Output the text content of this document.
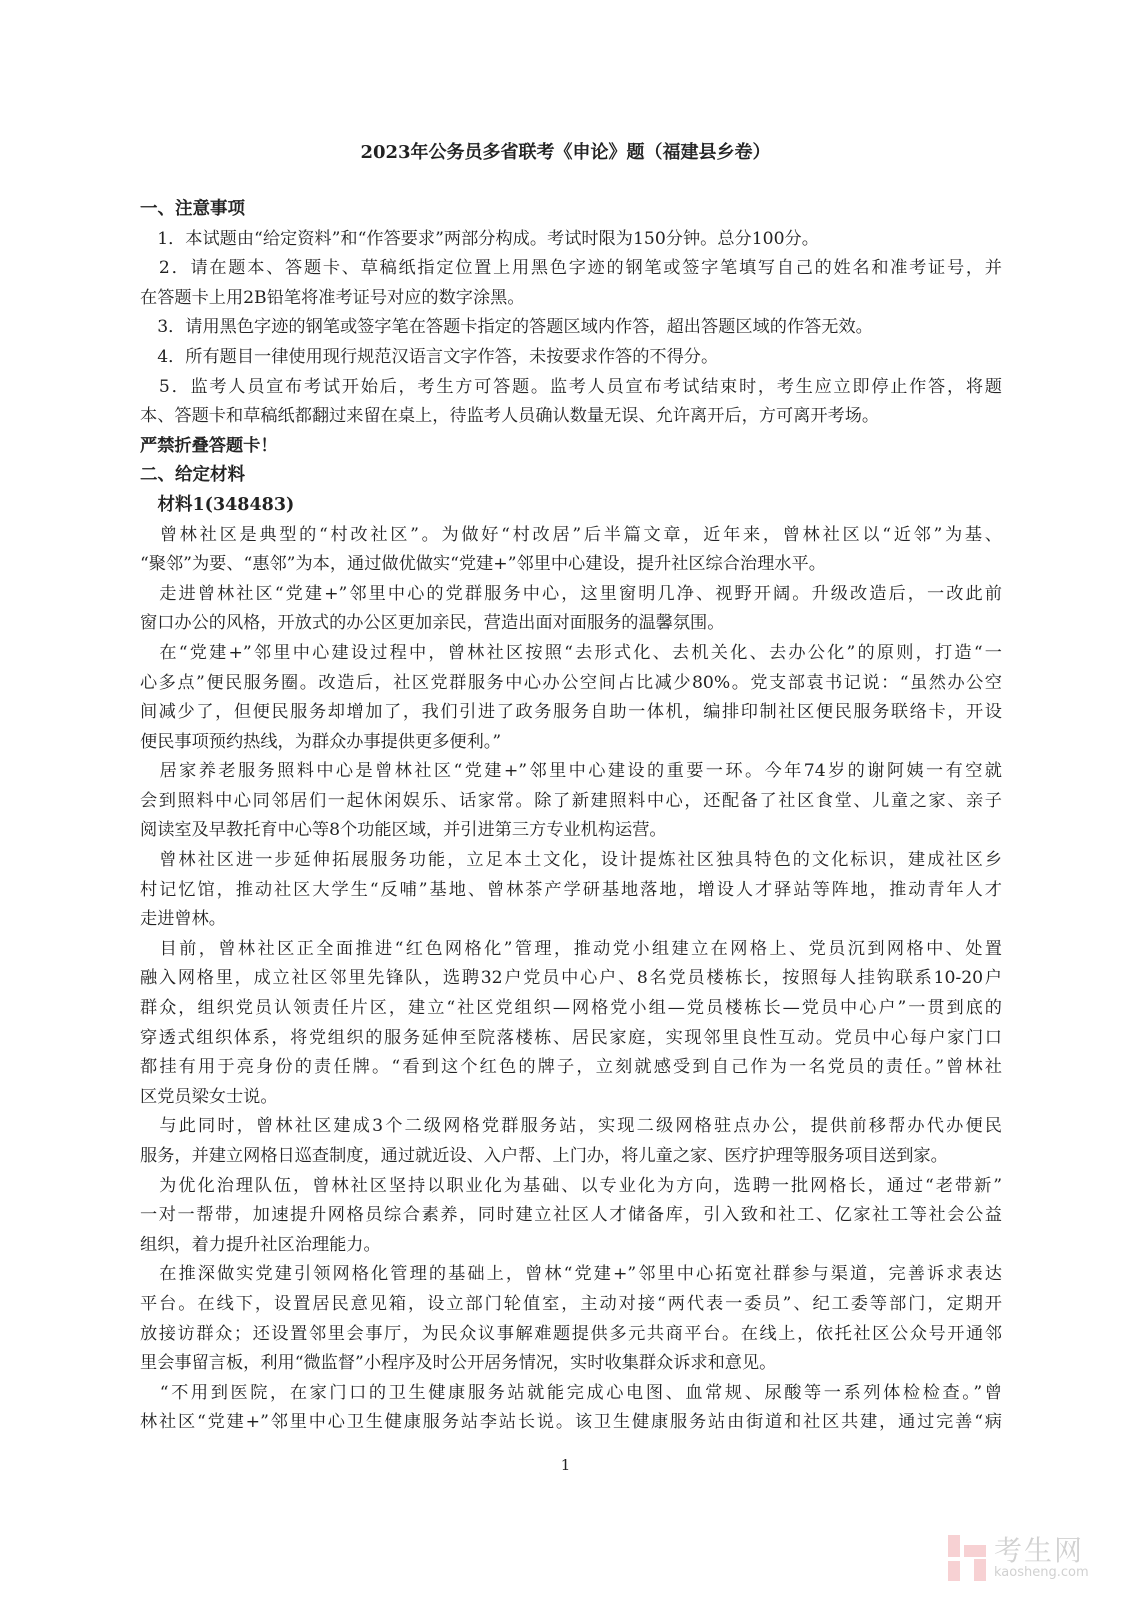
2023年公务员多省联考《申论》题（福建县乡卷）
一、注意事项
　1．本试题由“给定资料”和“作答要求”两部分构成。考试时限为150分钟。总分100分。
　2．请在题本、答题卡、草稿纸指定位置上用黑色字迹的钢笔或签字笔填写自己的姓名和准考证号，并
在答题卡上用2B铅笔将准考证号对应的数字涂黑。
　3．请用黑色字迹的钢笔或签字笔在答题卡指定的答题区域内作答，超出答题区域的作答无效。
　4．所有题目一律使用现行规范汉语言文字作答，未按要求作答的不得分。
　5．监考人员宣布考试开始后，考生方可答题。监考人员宣布考试结束时，考生应立即停止作答，将题
本、答题卡和草稿纸都翻过来留在桌上，待监考人员确认数量无误、允许离开后，方可离开考场。
严禁折叠答题卡！
二、给定材料
　材料1(348483)
　曾林社区是典型的“村改社区”。为做好“村改居”后半篇文章，近年来，曾林社区以“近邻”为基、
“聚邻”为要、“惠邻”为本，通过做优做实“党建+”邻里中心建设，提升社区综合治理水平。
　走进曾林社区“党建+”邻里中心的党群服务中心，这里窗明几净、视野开阔。升级改造后，一改此前
窗口办公的风格，开放式的办公区更加亲民，营造出面对面服务的温馨氛围。
　在“党建+”邻里中心建设过程中，曾林社区按照“去形式化、去机关化、去办公化”的原则，打造“一
心多点”便民服务圈。改造后，社区党群服务中心办公空间占比减少80%。党支部袁书记说：“虽然办公空
间减少了，但便民服务却增加了，我们引进了政务服务自助一体机，编排印制社区便民服务联络卡，开设
便民事项预约热线，为群众办事提供更多便利。”
　居家养老服务照料中心是曾林社区“党建+”邻里中心建设的重要一环。今年74岁的谢阿姨一有空就
会到照料中心同邻居们一起休闲娱乐、话家常。除了新建照料中心，还配备了社区食堂、儿童之家、亲子
阅读室及早教托育中心等8个功能区域，并引进第三方专业机构运营。
　曾林社区进一步延伸拓展服务功能，立足本土文化，设计提炼社区独具特色的文化标识，建成社区乡
村记忆馆，推动社区大学生“反哺”基地、曾林茶产学研基地落地，增设人才驿站等阵地，推动青年人才
走进曾林。
　目前，曾林社区正全面推进“红色网格化”管理，推动党小组建立在网格上、党员沉到网格中、处置
融入网格里，成立社区邻里先锋队，选聘32户党员中心户、8名党员楼栋长，按照每人挂钩联系10-20户
群众，组织党员认领责任片区，建立“社区党组织—网格党小组—党员楼栋长—党员中心户”一贯到底的
穿透式组织体系，将党组织的服务延伸至院落楼栋、居民家庭，实现邻里良性互动。党员中心每户家门口
都挂有用于亮身份的责任牌。“看到这个红色的牌子，立刻就感受到自己作为一名党员的责任。”曾林社
区党员梁女士说。
　与此同时，曾林社区建成3个二级网格党群服务站，实现二级网格驻点办公，提供前移帮办代办便民
服务，并建立网格日巡查制度，通过就近设、入户帮、上门办，将儿童之家、医疗护理等服务项目送到家。
　为优化治理队伍，曾林社区坚持以职业化为基础、以专业化为方向，选聘一批网格长，通过“老带新”
一对一帮带，加速提升网格员综合素养，同时建立社区人才储备库，引入致和社工、亿家社工等社会公益
组织，着力提升社区治理能力。
　在推深做实党建引领网格化管理的基础上，曾林“党建+”邻里中心拓宽社群参与渠道，完善诉求表达
平台。在线下，设置居民意见箱，设立部门轮值室，主动对接“两代表一委员”、纪工委等部门，定期开
放接访群众；还设置邻里会事厅，为民众议事解难题提供多元共商平台。在线上，依托社区公众号开通邻
里会事留言板，利用“微监督”小程序及时公开居务情况，实时收集群众诉求和意见。
　“不用到医院，在家门口的卫生健康服务站就能完成心电图、血常规、尿酸等一系列体检检查。”曾
林社区“党建+”邻里中心卫生健康服务站李站长说。该卫生健康服务站由街道和社区共建，通过完善“病
1
考生网
kaosheng.com
